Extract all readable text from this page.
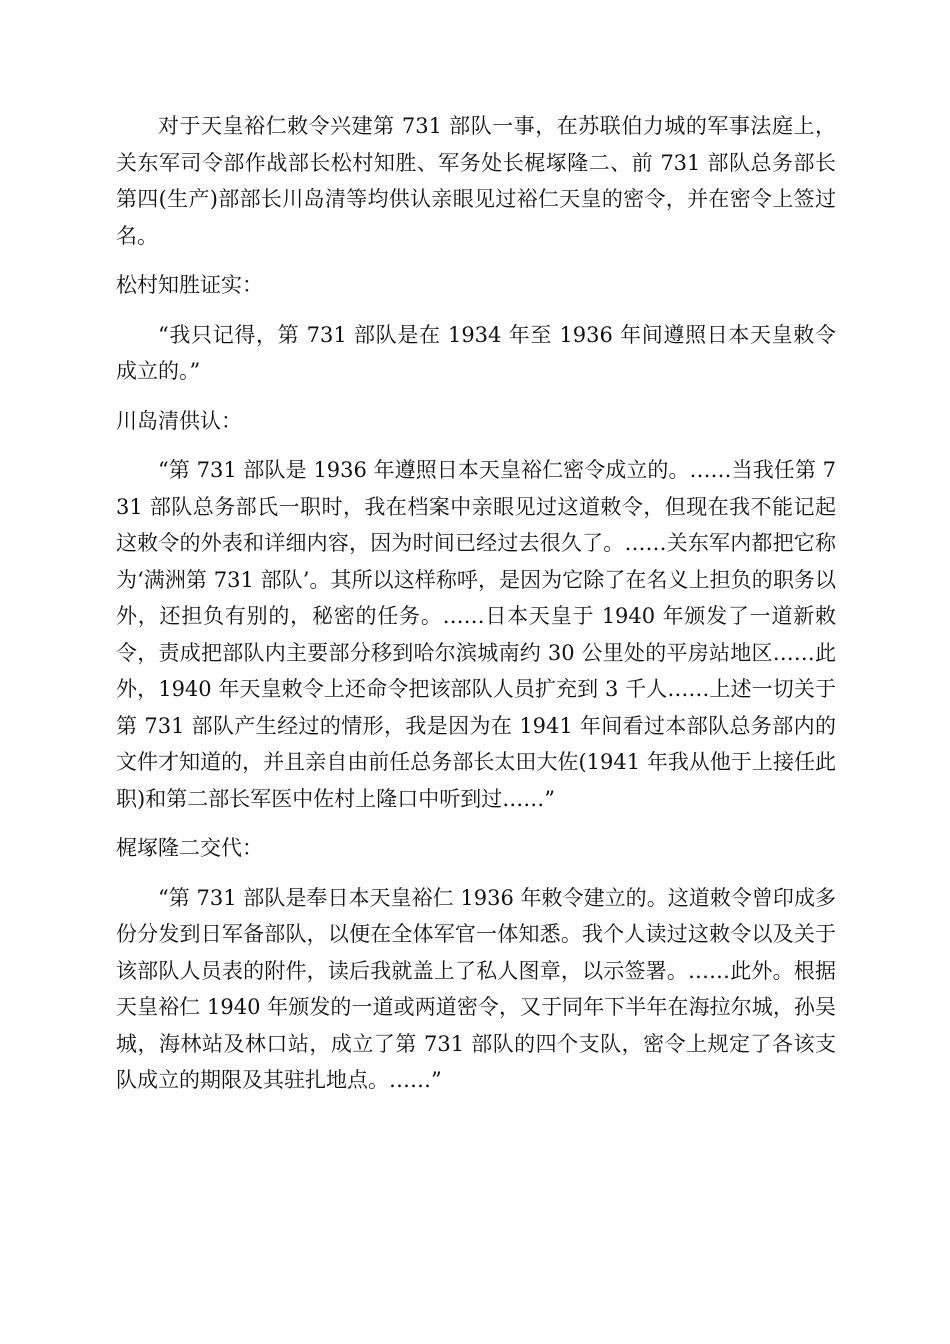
对于天皇裕仁敕令兴建第 731 部队一事，在苏联伯力城的军事法庭上，关东军司令部作战部长松村知胜、军务处长梶塚隆二、前 731 部队总务部长第四(生产)部部长川岛清等均供认亲眼见过裕仁天皇的密令，并在密令上签过名。

松村知胜证实：

“我只记得，第 731 部队是在 1934 年至 1936 年间遵照日本天皇敕令成立的。”

川岛清供认：

“第 731 部队是 1936 年遵照日本天皇裕仁密令成立的。……当我任第 731 部队总务部氏一职时，我在档案中亲眼见过这道敕令，但现在我不能记起这敕令的外表和详细内容，因为时间已经过去很久了。……关东军内都把它称为‘满洲第 731 部队’。其所以这样称呼，是因为它除了在名义上担负的职务以外，还担负有别的，秘密的任务。……日本天皇于 1940 年颁发了一道新敕令，责成把部队内主要部分移到哈尔滨城南约 30 公里处的平房站地区……此外，1940 年天皇敕令上还命令把该部队人员扩充到 3 千人……上述一切关于第 731 部队产生经过的情形，我是因为在 1941 年间看过本部队总务部内的文件才知道的，并且亲自由前任总务部长太田大佐(1941 年我从他于上接任此职)和第二部长军医中佐村上隆口中听到过……”

梶塚隆二交代：

“第 731 部队是奉日本天皇裕仁 1936 年敕令建立的。这道敕令曾印成多份分发到日军备部队，以便在全体军官一体知悉。我个人读过这敕令以及关于该部队人员表的附件，读后我就盖上了私人图章，以示签署。……此外。根据天皇裕仁 1940 年颁发的一道或两道密令，又于同年下半年在海拉尔城，孙吴城，海林站及林口站，成立了第 731 部队的四个支队，密令上规定了各该支队成立的期限及其驻扎地点。……”
